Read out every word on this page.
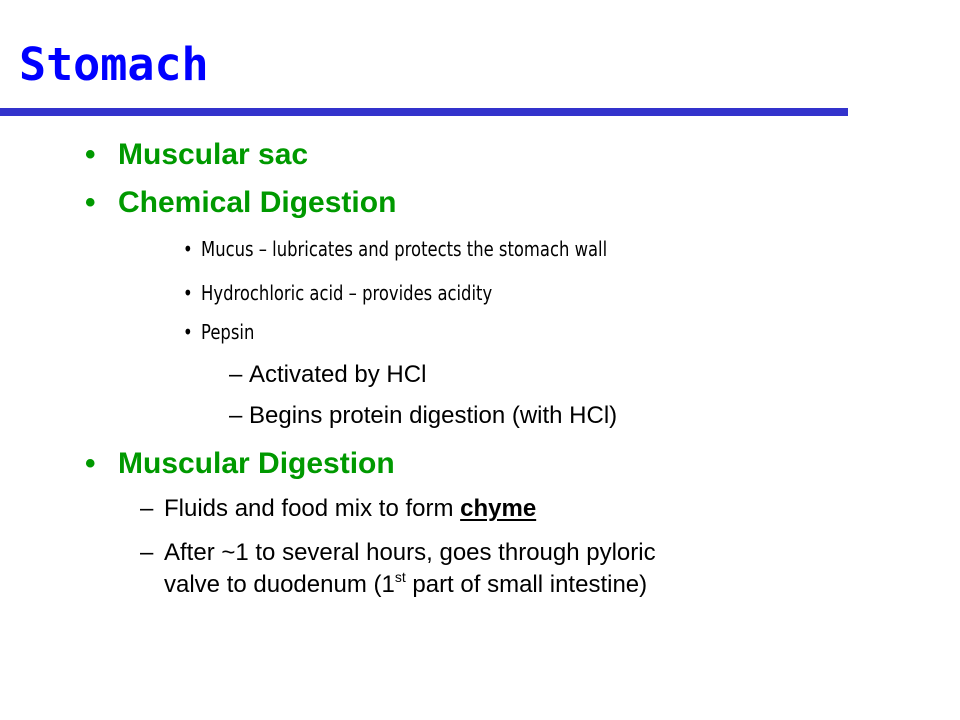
Stomach
• Muscular sac
• Chemical Digestion
• Mucus – lubricates and protects the stomach wall
• Hydrochloric acid – provides acidity
• Pepsin
– Activated by HCl
– Begins protein digestion (with HCl)
• Muscular Digestion
– Fluids and food mix to form chyme
– After ~1 to several hours, goes through pyloric
valve to duodenum (1st part of small intestine)
